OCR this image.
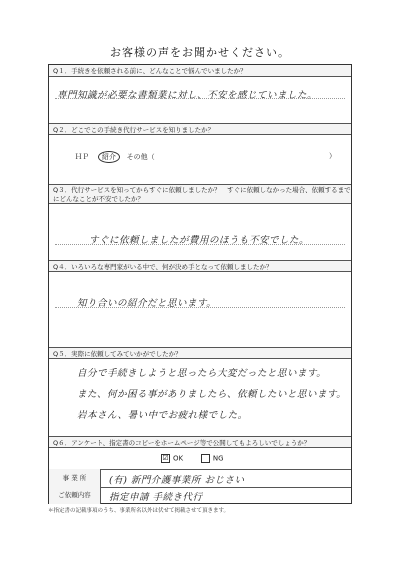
お客様の声をお聞かせください。
Q１．手続きを依頼される前に、どんなことで悩んでいましたか？
専門知識が必要な書類業に対し、不安を感じていました。
Q２．どこでこの手続き代行サービスを知りましたか？
ＨＰ 紹介 その他（	）
Q３．代行サービスを知ってからすぐに依頼しましたか？　すぐに依頼しなかった場合、依頼するまでにどんなことが不安でしたか？
すぐに依頼しましたが費用のほうも不安でした。
Q４．いろいろな専門家がいる中で、何が決め手となって依頼しましたか？
知り合いの紹介だと思います。
Q５．実際に依頼してみていかがでしたか？
自分で手続きしようと思ったら大変だったと思います。
また、何か困る事がありましたら、依頼したいと思います。
岩本さん、暑い中でお疲れ様でした。
Q６．アンケート、指定書のコピーをホームページ等で公開してもよろしいでしょうか？
☑ OK	NG
事 業 所	(有) 新門介護事業所 おじさい
ご依頼内容	指定申請 手続き代行
＊指定書の記載事項のうち、事業所名以外は伏せて掲載させて頂きます。
